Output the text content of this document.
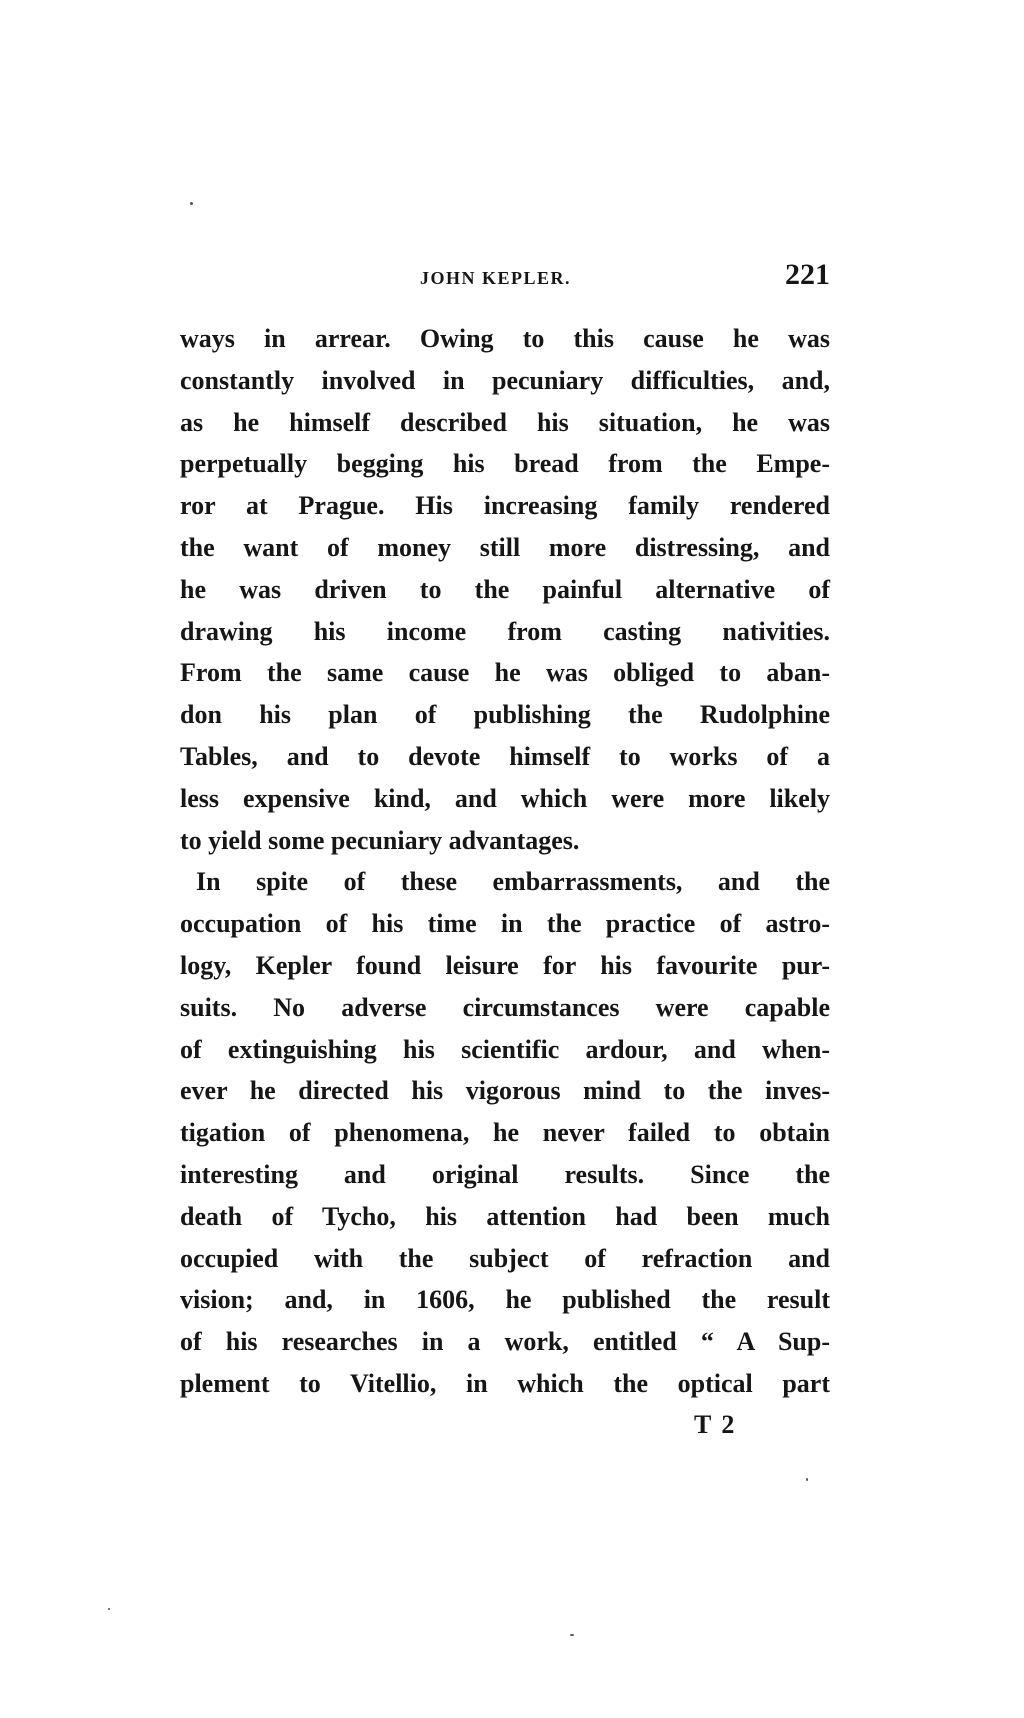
JOHN KEPLER.	221
ways in arrear. Owing to this cause he was
constantly involved in pecuniary difficulties, and,
as he himself described his situation, he was
perpetually begging his bread from the Empe-
ror at Prague. His increasing family rendered
the want of money still more distressing, and
he was driven to the painful alternative of
drawing his income from casting nativities.
From the same cause he was obliged to aban-
don his plan of publishing the Rudolphine
Tables, and to devote himself to works of a
less expensive kind, and which were more likely
to yield some pecuniary advantages.
In spite of these embarrassments, and the
occupation of his time in the practice of astro-
logy, Kepler found leisure for his favourite pur-
suits. No adverse circumstances were capable
of extinguishing his scientific ardour, and when-
ever he directed his vigorous mind to the inves-
tigation of phenomena, he never failed to obtain
interesting and original results. Since the
death of Tycho, his attention had been much
occupied with the subject of refraction and
vision; and, in 1606, he published the result
of his researches in a work, entitled “ A Sup-
plement to Vitellio, in which the optical part
T 2
